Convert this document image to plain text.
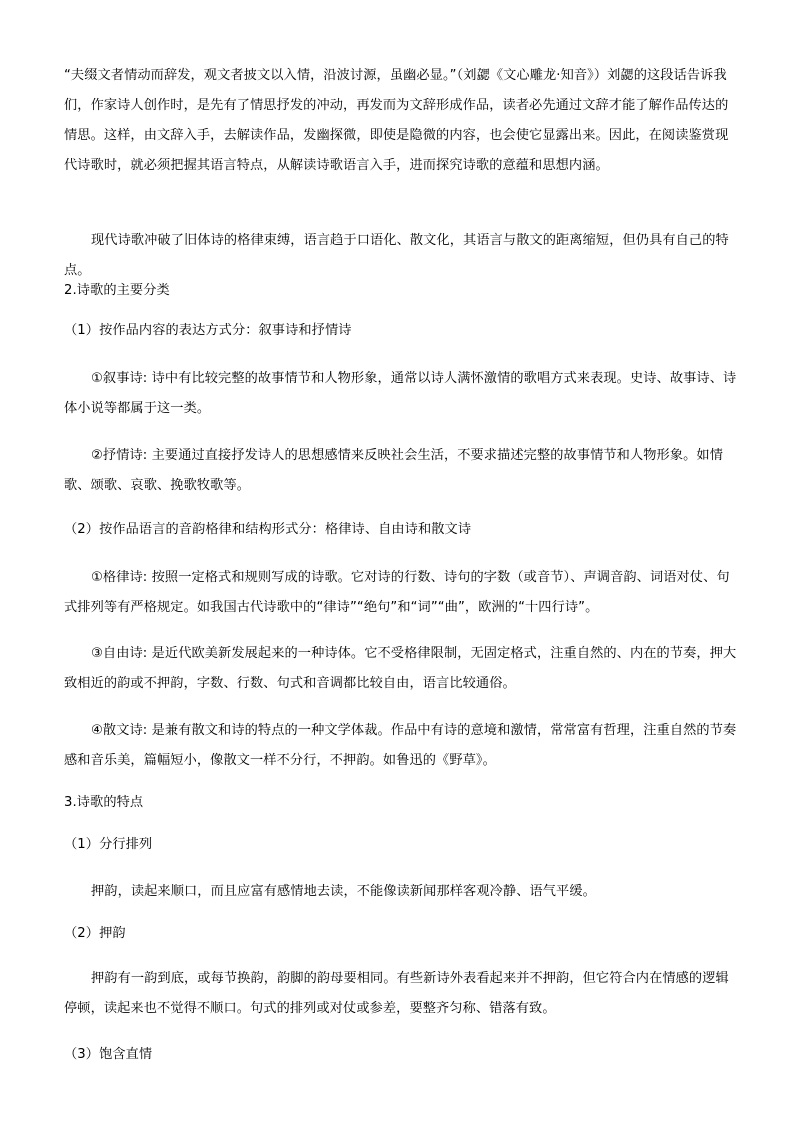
“夫缀文者情动而辞发，观文者披文以入情，沿波讨源，虽幽必显。”（刘勰《文心雕龙·知音》）刘勰的这段话告诉我们，作家诗人创作时，是先有了情思抒发的冲动，再发而为文辞形成作品，读者必先通过文辞才能了解作品传达的情思。这样，由文辞入手，去解读作品，发幽探微，即使是隐微的内容，也会使它显露出来。因此，在阅读鉴赏现代诗歌时，就必须把握其语言特点，从解读诗歌语言入手，进而探究诗歌的意蕴和思想内涵。

现代诗歌冲破了旧体诗的格律束缚，语言趋于口语化、散文化，其语言与散文的距离缩短，但仍具有自己的特点。

2.诗歌的主要分类

（1）按作品内容的表达方式分：叙事诗和抒情诗

①叙事诗: 诗中有比较完整的故事情节和人物形象，通常以诗人满怀激情的歌唱方式来表现。史诗、故事诗、诗体小说等都属于这一类。

②抒情诗: 主要通过直接抒发诗人的思想感情来反映社会生活，不要求描述完整的故事情节和人物形象。如情歌、颂歌、哀歌、挽歌牧歌等。

（2）按作品语言的音韵格律和结构形式分：格律诗、自由诗和散文诗

①格律诗: 按照一定格式和规则写成的诗歌。它对诗的行数、诗句的字数（或音节）、声调音韵、词语对仗、句式排列等有严格规定。如我国古代诗歌中的“律诗”“绝句”和“词”“曲”，欧洲的“十四行诗”。

③自由诗: 是近代欧美新发展起来的一种诗体。它不受格律限制，无固定格式，注重自然的、内在的节奏，押大致相近的韵或不押韵，字数、行数、句式和音调都比较自由，语言比较通俗。

④散文诗: 是兼有散文和诗的特点的一种文学体裁。作品中有诗的意境和激情，常常富有哲理，注重自然的节奏感和音乐美，篇幅短小，像散文一样不分行，不押韵。如鲁迅的《野草》。

3.诗歌的特点

（1）分行排列

押韵，读起来顺口，而且应富有感情地去读，不能像读新闻那样客观冷静、语气平缓。

（2）押韵

押韵有一韵到底，或每节换韵，韵脚的韵母要相同。有些新诗外表看起来并不押韵，但它符合内在情感的逻辑停顿，读起来也不觉得不顺口。句式的排列或对仗或参差，要整齐匀称、错落有致。

（3）饱含直情
